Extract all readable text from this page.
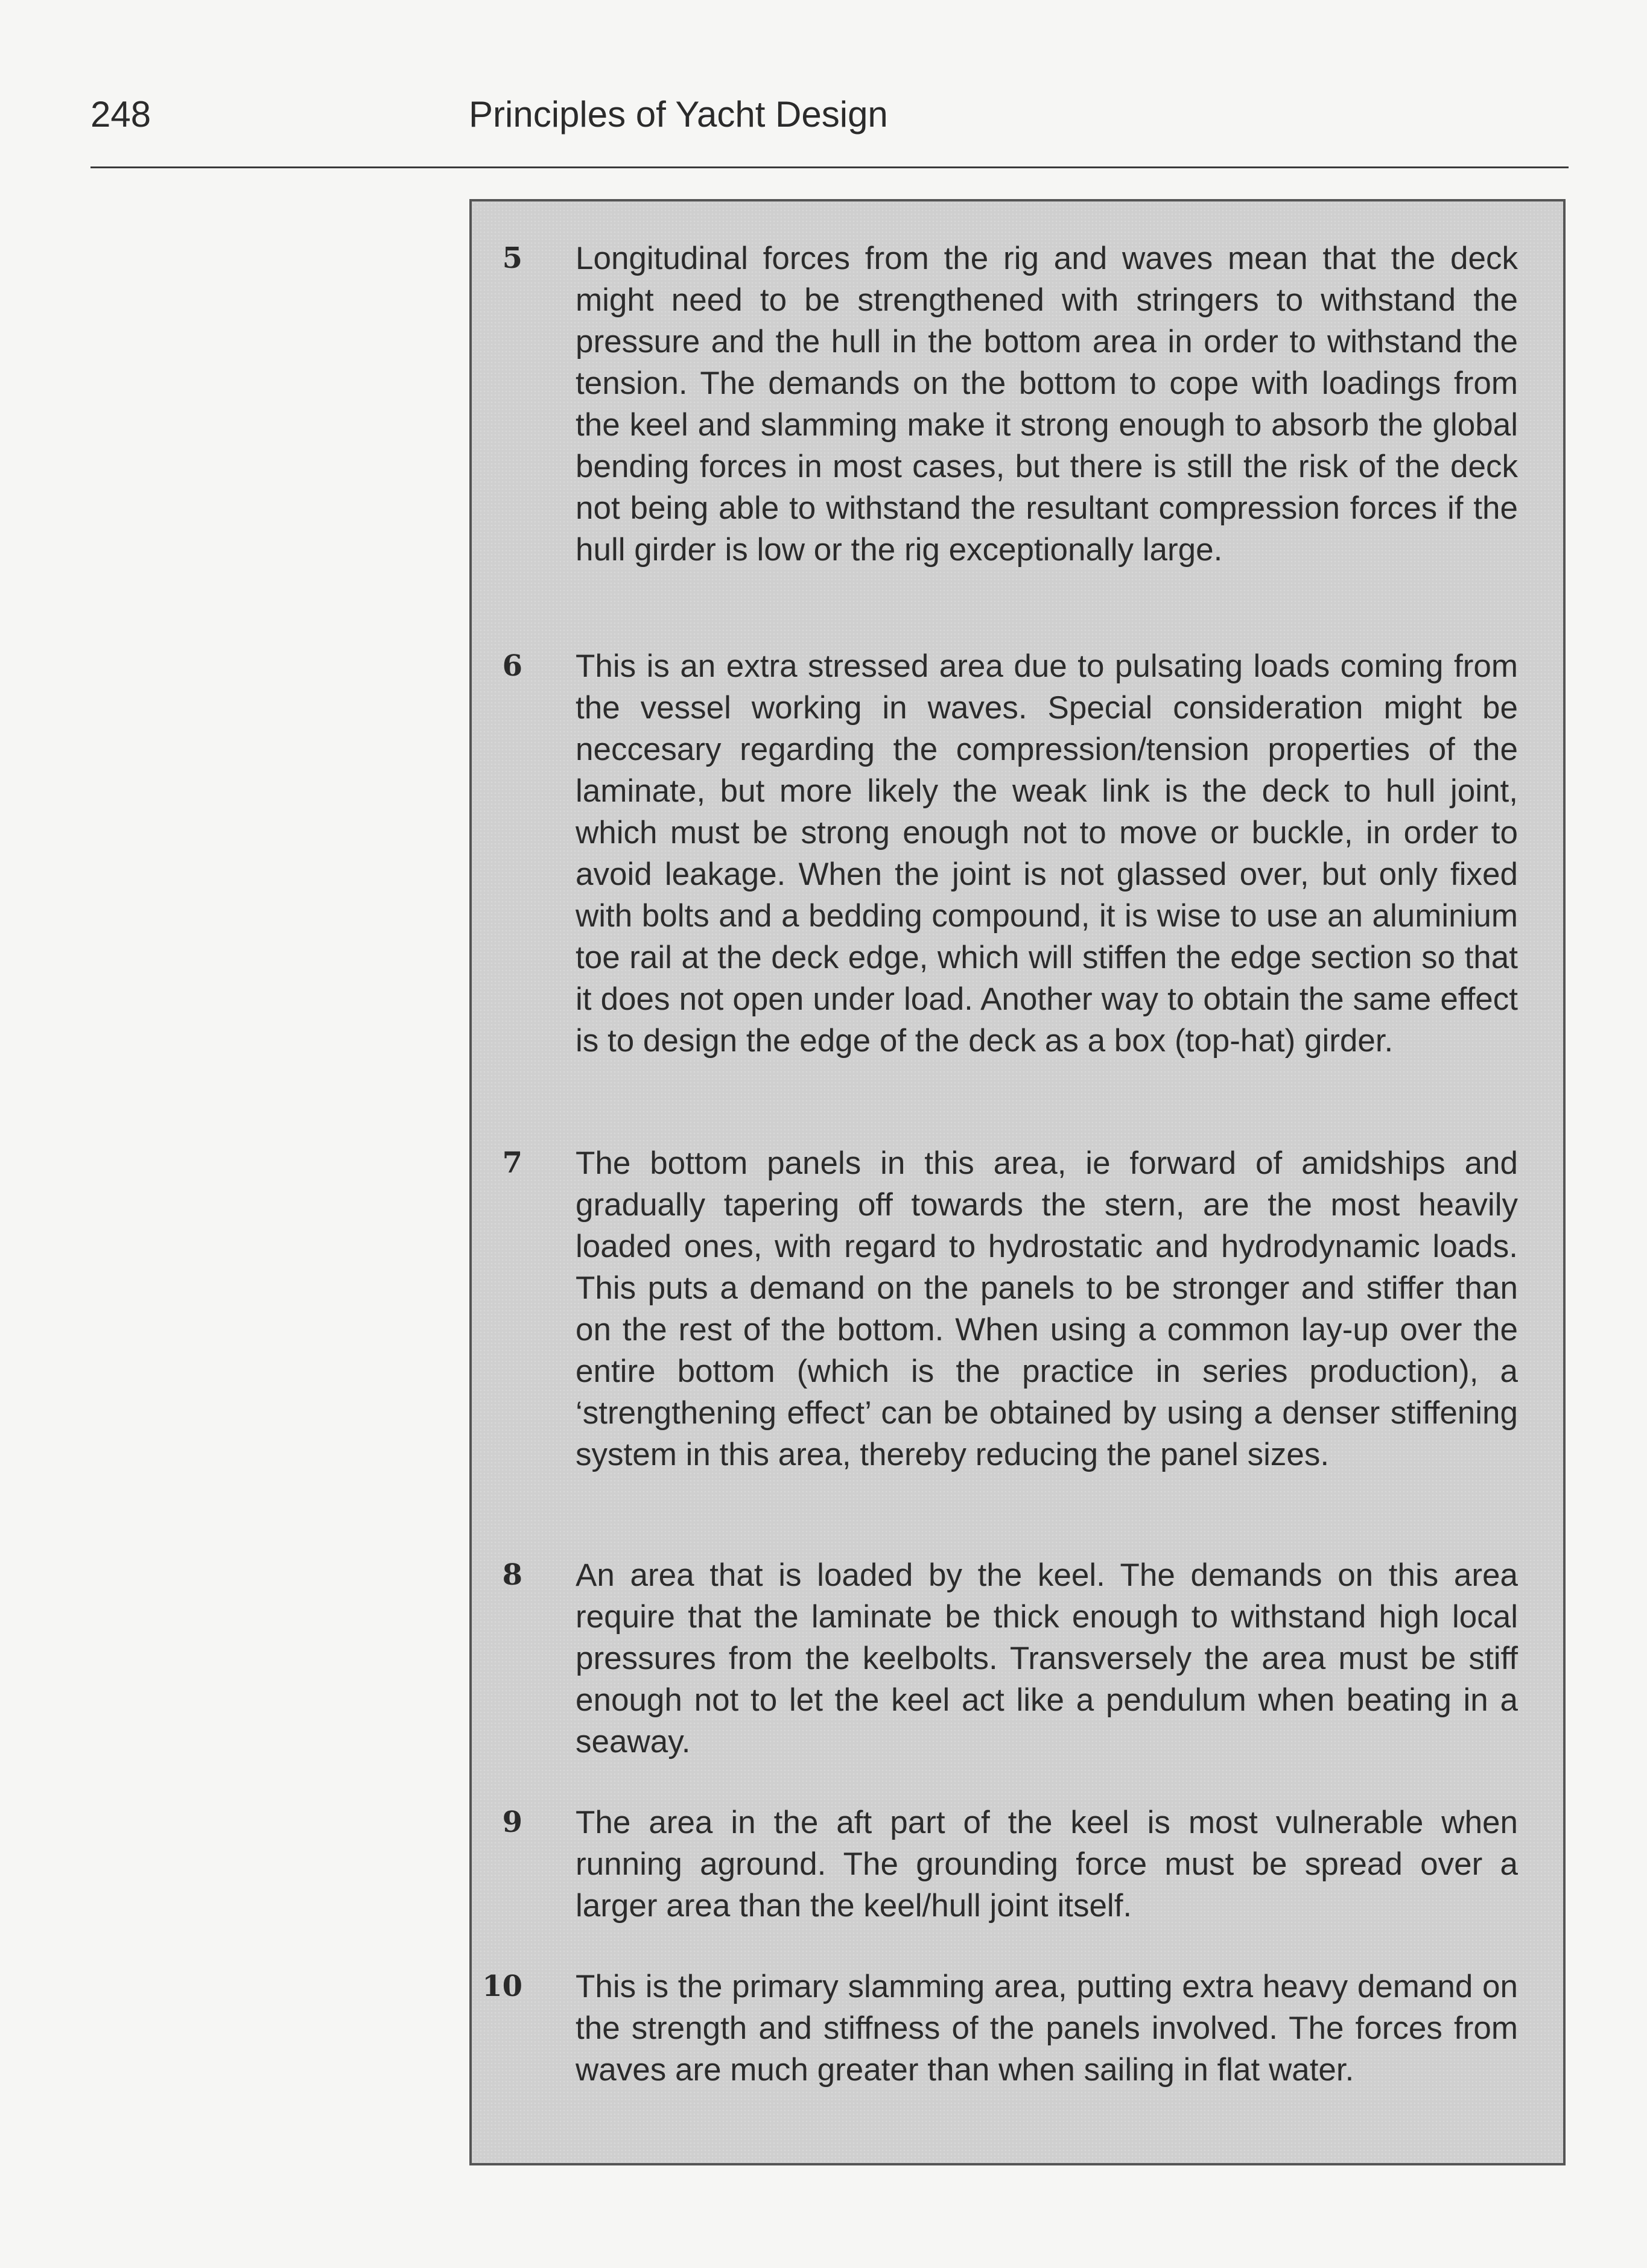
248	Principles of Yacht Design
5 Longitudinal forces from the rig and waves mean that the deck might need to be strengthened with stringers to withstand the pressure and the hull in the bottom area in order to withstand the tension. The demands on the bottom to cope with loadings from the keel and slamming make it strong enough to absorb the global bending forces in most cases, but there is still the risk of the deck not being able to withstand the resultant compression forces if the hull girder is low or the rig exceptionally large.

6 This is an extra stressed area due to pulsating loads coming from the vessel working in waves. Special consideration might be neccesary regarding the compression/tension properties of the laminate, but more likely the weak link is the deck to hull joint, which must be strong enough not to move or buckle, in order to avoid leakage. When the joint is not glassed over, but only fixed with bolts and a bedding compound, it is wise to use an aluminium toe rail at the deck edge, which will stiffen the edge section so that it does not open under load. Another way to obtain the same effect is to design the edge of the deck as a box (top-hat) girder.

7 The bottom panels in this area, ie forward of amidships and gradually tapering off towards the stern, are the most heavily loaded ones, with regard to hydrostatic and hydrodynamic loads. This puts a demand on the panels to be stronger and stiffer than on the rest of the bottom. When using a common lay-up over the entire bottom (which is the practice in series production), a ‘strengthening effect’ can be obtained by using a denser stiffening system in this area, thereby reducing the panel sizes.

8 An area that is loaded by the keel. The demands on this area require that the laminate be thick enough to withstand high local pressures from the keelbolts. Transversely the area must be stiff enough not to let the keel act like a pendulum when beating in a seaway.

9 The area in the aft part of the keel is most vulnerable when running aground. The grounding force must be spread over a larger area than the keel/hull joint itself.

10 This is the primary slamming area, putting extra heavy demand on the strength and stiffness of the panels involved. The forces from waves are much greater than when sailing in flat water.
